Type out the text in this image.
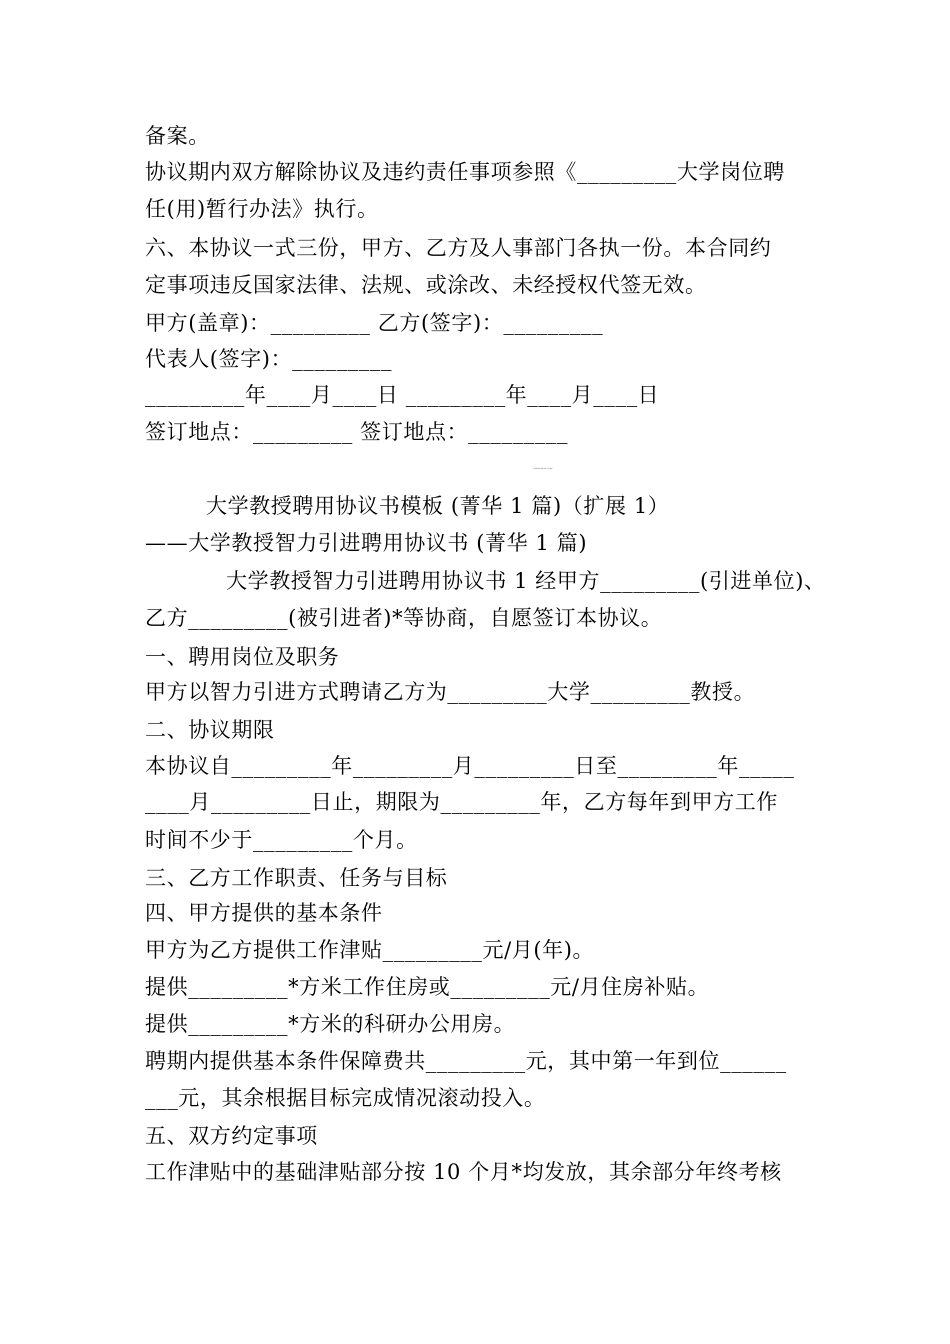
备案。
协议期内双方解除协议及违约责任事项参照《_________大学岗位聘
任(用)暂行办法》执行。
六、本协议一式三份，甲方、乙方及人事部门各执一份。本合同约
定事项违反国家法律、法规、或涂改、未经授权代签无效。
甲方(盖章)：_________ 乙方(签字)：_________
代表人(签字)：_________
_________年____月____日 _________年____月____日
签订地点：_________ 签订地点：_________
大学教授聘用协议书模板 (菁华 1 篇)扩展阅读
大学教授聘用协议书模板 (菁华 1 篇)（扩展 1）
——大学教授智力引进聘用协议书 (菁华 1 篇)
大学教授智力引进聘用协议书 1 经甲方_________(引进单位)、
乙方_________(被引进者)*等协商，自愿签订本协议。
一、聘用岗位及职务
甲方以智力引进方式聘请乙方为_________大学_________教授。
二、协议期限
本协议自_________年_________月_________日至_________年_____
____月_________日止，期限为_________年，乙方每年到甲方工作
时间不少于_________个月。
三、乙方工作职责、任务与目标
四、甲方提供的基本条件
甲方为乙方提供工作津贴_________元/月(年)。
提供_________*方米工作住房或_________元/月住房补贴。
提供_________*方米的科研办公用房。
聘期内提供基本条件保障费共_________元，其中第一年到位______
___元，其余根据目标完成情况滚动投入。
五、双方约定事项
工作津贴中的基础津贴部分按 10 个月*均发放，其余部分年终考核
